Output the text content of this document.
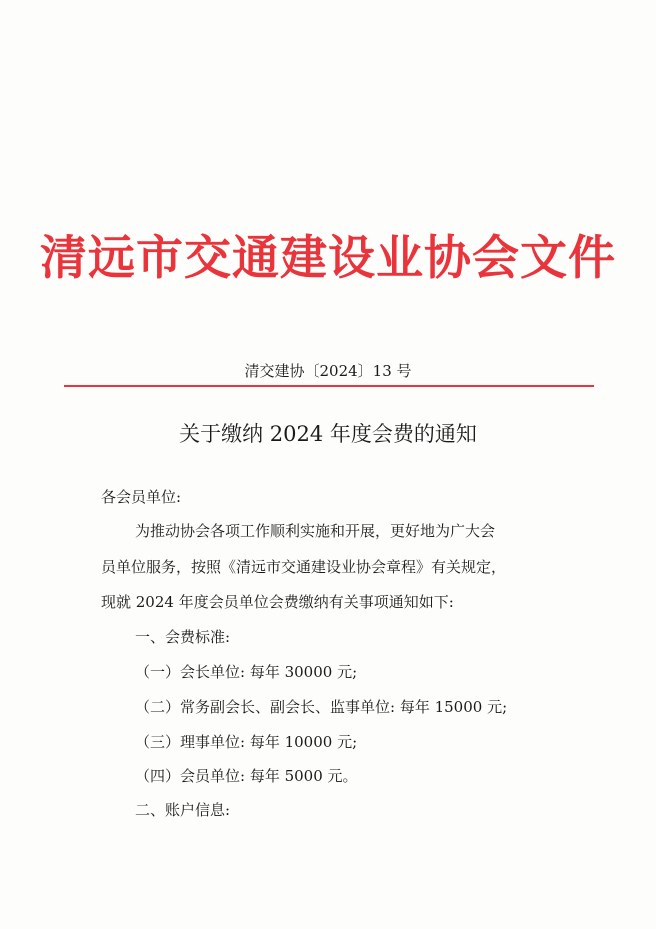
清远市交通建设业协会文件
清交建协〔2024〕13 号
关于缴纳 2024 年度会费的通知
各会员单位:
为推动协会各项工作顺利实施和开展，更好地为广大会
员单位服务，按照《清远市交通建设业协会章程》有关规定，
现就 2024 年度会员单位会费缴纳有关事项通知如下:
一、会费标准:
（一）会长单位: 每年 30000 元;
（二）常务副会长、副会长、监事单位: 每年 15000 元;
（三）理事单位: 每年 10000 元;
（四）会员单位: 每年 5000 元。
二、账户信息:
